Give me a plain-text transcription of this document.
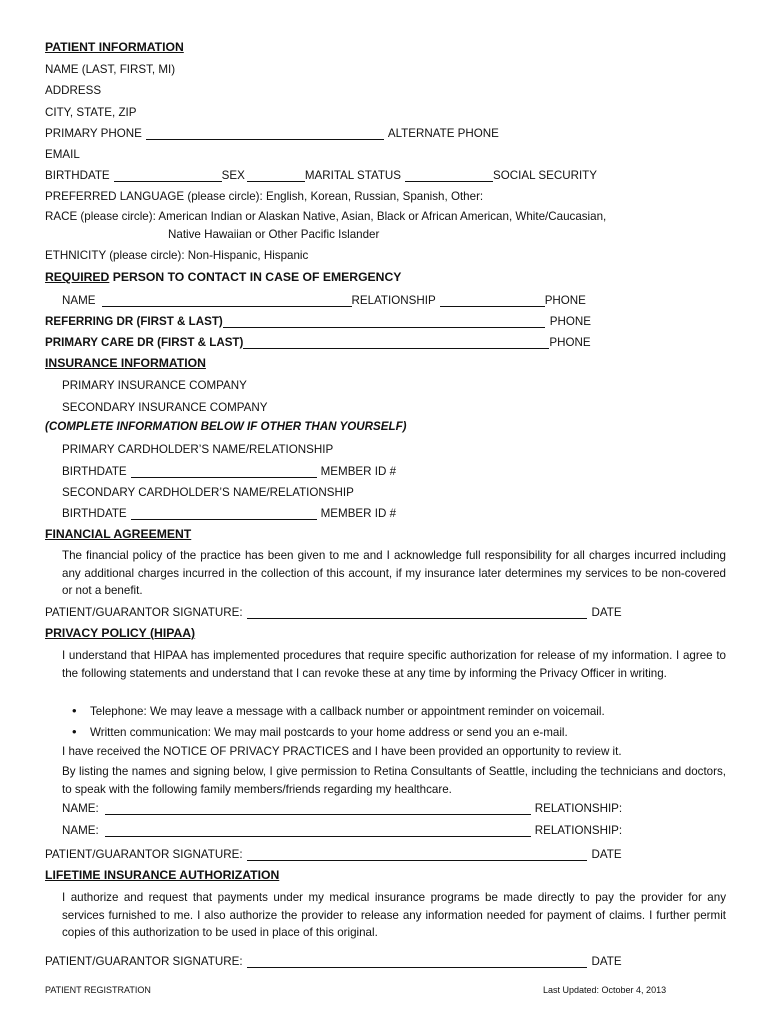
PATIENT INFORMATION
NAME (LAST, FIRST, MI)
ADDRESS
CITY, STATE, ZIP
PRIMARY PHONE	ALTERNATE PHONE
EMAIL
BIRTHDATE	SEX	MARITAL STATUS	SOCIAL SECURITY
PREFERRED LANGUAGE (please circle): English, Korean, Russian, Spanish, Other:
RACE (please circle): American Indian or Alaskan Native, Asian, Black or African American, White/Caucasian,
Native Hawaiian or Other Pacific Islander
ETHNICITY (please circle): Non-Hispanic, Hispanic
REQUIRED PERSON TO CONTACT IN CASE OF EMERGENCY
NAME	RELATIONSHIP	PHONE
REFERRING DR (FIRST & LAST)	PHONE
PRIMARY CARE DR (FIRST & LAST)	PHONE
INSURANCE INFORMATION
PRIMARY INSURANCE COMPANY
SECONDARY INSURANCE COMPANY
(COMPLETE INFORMATION BELOW IF OTHER THAN YOURSELF)
PRIMARY CARDHOLDER’S NAME/RELATIONSHIP
BIRTHDATE	MEMBER ID #
SECONDARY CARDHOLDER’S NAME/RELATIONSHIP
BIRTHDATE	MEMBER ID #
FINANCIAL AGREEMENT
The financial policy of the practice has been given to me and I acknowledge full responsibility for all charges incurred including any additional charges incurred in the collection of this account, if my insurance later determines my services to be non-covered or not a benefit.
PATIENT/GUARANTOR SIGNATURE:	DATE
PRIVACY POLICY (HIPAA)
I understand that HIPAA has implemented procedures that require specific authorization for release of my information. I agree to the following statements and understand that I can revoke these at any time by informing the Privacy Officer in writing.
• Telephone: We may leave a message with a callback number or appointment reminder on voicemail.
• Written communication: We may mail postcards to your home address or send you an e-mail.
I have received the NOTICE OF PRIVACY PRACTICES and I have been provided an opportunity to review it.
By listing the names and signing below, I give permission to Retina Consultants of Seattle, including the technicians and doctors, to speak with the following family members/friends regarding my healthcare.
NAME:	RELATIONSHIP:
NAME:	RELATIONSHIP:
PATIENT/GUARANTOR SIGNATURE:	DATE
LIFETIME INSURANCE AUTHORIZATION
I authorize and request that payments under my medical insurance programs be made directly to pay the provider for any services furnished to me. I also authorize the provider to release any information needed for payment of claims. I further permit copies of this authorization to be used in place of this original.
PATIENT/GUARANTOR SIGNATURE:	DATE
PATIENT REGISTRATION	Last Updated: October 4, 2013
